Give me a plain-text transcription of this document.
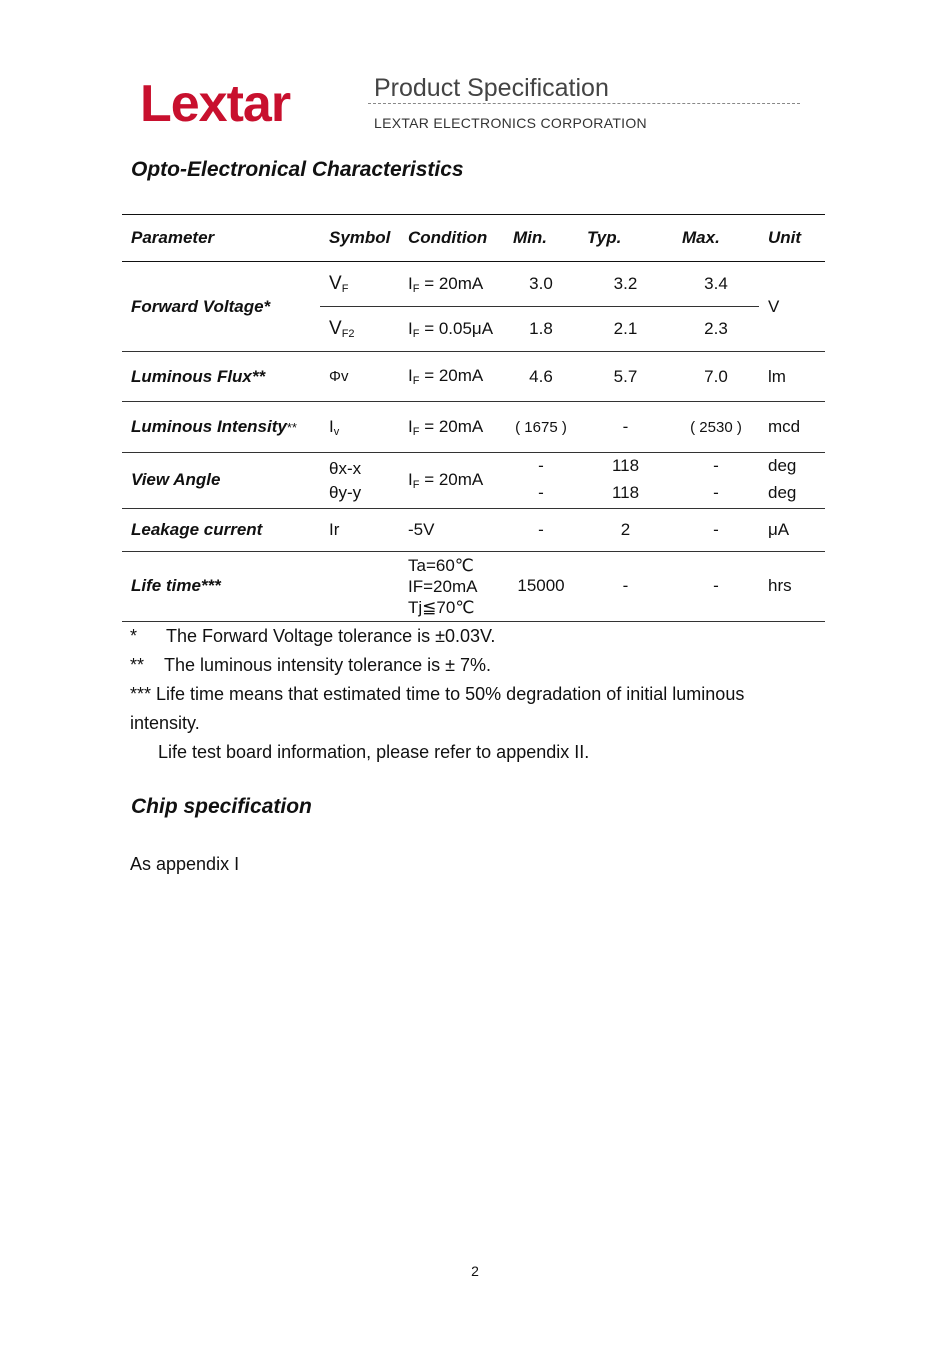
Lextar	Product Specification
LEXTAR ELECTRONICS CORPORATION
Opto-Electronical Characteristics
Parameter	Symbol	Condition	Min.	Typ.	Max.	Unit
Forward Voltage*	$V_F$	$I_F = 20mA$	3.0	3.2	3.4	V
	$V_{F2}$	$I_F = 0.05\mu A$	1.8	2.1	2.3	
Luminous Flux**	Φv	$I_F = 20mA$	4.6	5.7	7.0	lm
Luminous Intensity**	$I_v$	$I_F = 20mA$	( 1675 )	-	( 2530 )	mcd
View Angle	θx-x	$I_F = 20mA$	-	118	-	deg
	θy-y		-	118	-	deg
Leakage current	Ir	-5V	-	2	-	μA
Life time***		Ta=60℃
IF=20mA
Tj≦70℃	15000	-	-	hrs

* The Forward Voltage tolerance is ±0.03V.

** The luminous intensity tolerance is ± 7%.

*** Life time means that estimated time to 50% degradation of initial luminous intensity.

Life test board information, please refer to appendix II.

Chip specification
As appendix I
2
